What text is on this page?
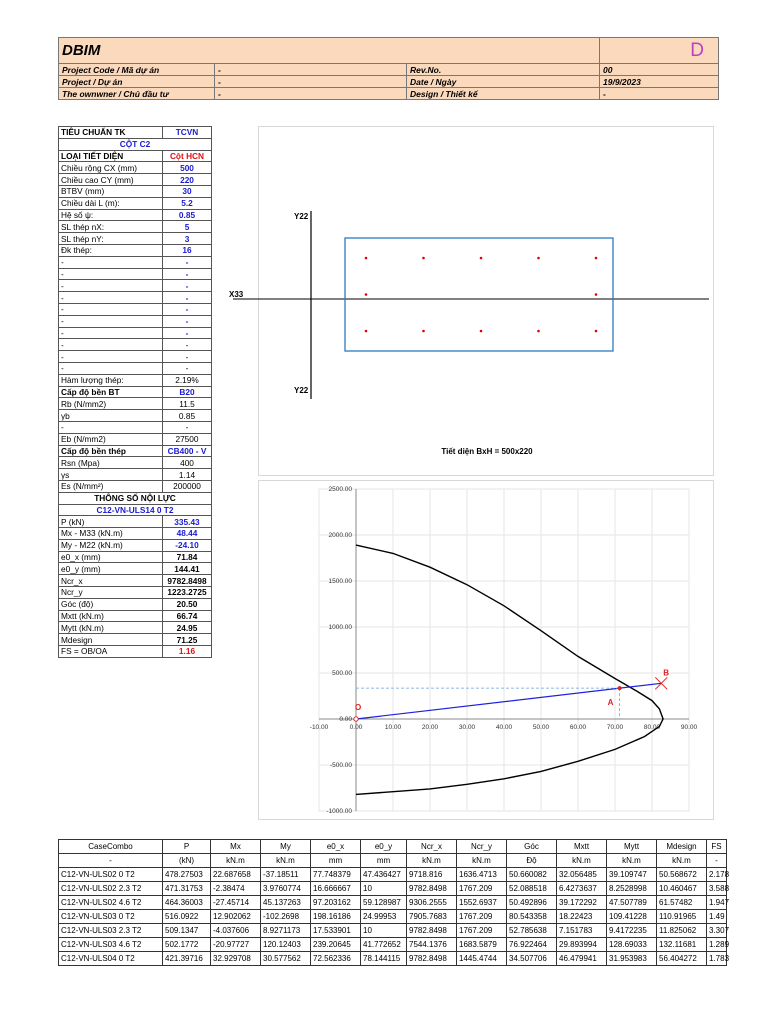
DBIM			D
Project Code / Mã dự án	-	Rev.No.	00
Project / Dự án	-	Date / Ngày	19/9/2023
The ownwner / Chủ đầu tư	-	Design / Thiết kế	-
TIÊU CHUẨN TK	TCVN
CỘT C2	
LOẠI TIẾT DIỆN	Cột HCN
Chiều rộng CX (mm)	500
Chiều cao CY (mm)	220
BTBV (mm)	30
Chiều dài L (m):	5.2
Hệ số ψ:	0.85
SL thép nX:	5
SL thép nY:	3
Đk thép:	16
-	-
-	-
-	-
-	-
-	-
-	-
-	-
-	-
-	-
-	-
Hàm lượng thép:	2.19%
Cấp độ bền BT	B20
Rb (N/mm2)	11.5
γb	0.85
-	-
Eb (N/mm2)	27500
Cấp độ bền thép	CB400 - V
Rsn (Mpa)	400
γs	1.14
Es (N/mm²)	200000
THÔNG SỐ NỘI LỰC	
C12-VN-ULS14 0 T2	
P (kN)	335.43
Mx - M33 (kN.m)	48.44
My - M22 (kN.m)	-24.10
e0_x (mm)	71.84
e0_y (mm)	144.41
Ncr_x	9782.8498
Ncr_y	1223.2725
Góc (độ)	20.50
Mxtt (kN.m)	66.74
Mytt (kN.m)	24.95
Mdesign	71.25
FS = OB/OA	1.16
Y22
Y22
Tiết diện BxH = 500x220
X33
-10.00	0.00	10.00	20.00	30.00	40.00	50.00	60.00	70.00	80.00	90.00
2500.00
2000.00
1500.00
1000.00
500.00
0.00
-500.00
-1000.00
O
A
B
CaseCombo	P	Mx	My	e0_x	e0_y	Ncr_x	Ncr_y	Góc	Mxtt	Mytt	Mdesign	FS
-	(kN)	kN.m	kN.m	mm	mm	kN.m	kN.m	Độ	kN.m	kN.m	kN.m	-
C12-VN-ULS02 0 T2	478.27503	22.687658	-37.18511	77.748379	47.436427	9718.816	1636.4713	50.660082	32.056485	39.109747	50.568672	2.178
C12-VN-ULS02 2.3 T2	471.31753	-2.38474	3.9760774	16.666667	10	9782.8498	1767.209	52.088518	6.4273637	8.2528998	10.460467	3.588
C12-VN-ULS02 4.6 T2	464.36003	-27.45714	45.137263	97.203162	59.128987	9306.2555	1552.6937	50.492896	39.172292	47.507789	61.57482	1.947
C12-VN-ULS03 0 T2	516.0922	12.902062	-102.2698	198.16186	24.99953	7905.7683	1767.209	80.543358	18.22423	109.41228	110.91965	1.49
C12-VN-ULS03 2.3 T2	509.1347	-4.037606	8.9271173	17.533901	10	9782.8498	1767.209	52.785638	7.151783	9.4172235	11.825062	3.307
C12-VN-ULS03 4.6 T2	502.1772	-20.97727	120.12403	239.20645	41.772652	7544.1376	1683.5879	76.922464	29.893994	128.69033	132.11681	1.289
C12-VN-ULS04 0 T2	421.39716	32.929708	30.577562	72.562336	78.144115	9782.8498	1445.4744	34.507706	46.479941	31.953983	56.404272	1.783
